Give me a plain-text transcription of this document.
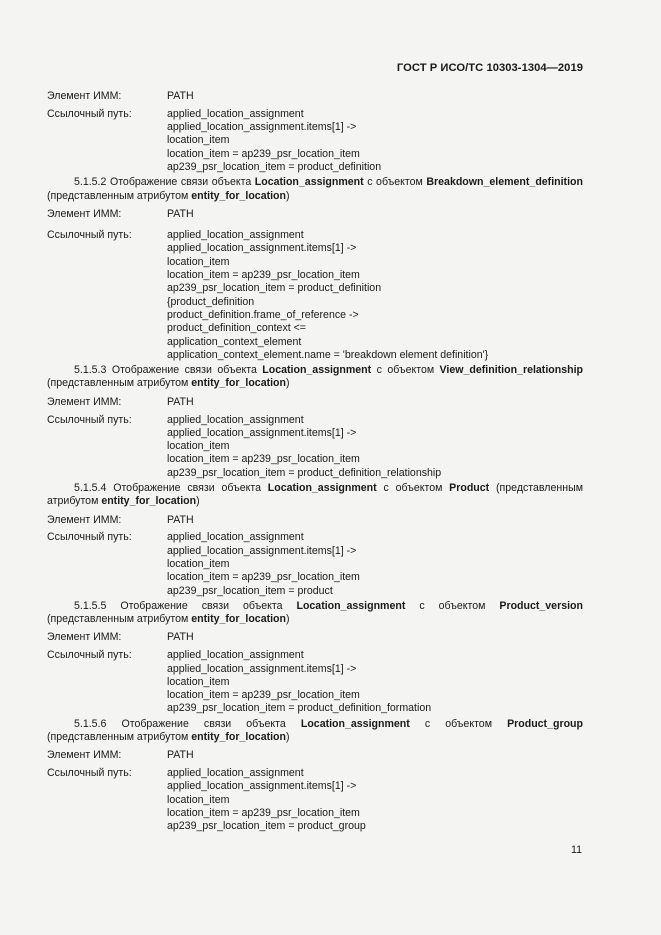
ГОСТ Р ИСО/ТС 10303-1304—2019
Элемент ИММ:	PATH
Ссылочный путь:	applied_location_assignment
applied_location_assignment.items[1] ->
location_item
location_item = ap239_psr_location_item
ap239_psr_location_item = product_definition

5.1.5.2 Отображение связи объекта Location_assignment с объектом Breakdown_element_definition (представленным атрибутом entity_for_location)

Элемент ИММ:	PATH
Ссылочный путь:	applied_location_assignment
applied_location_assignment.items[1] ->
location_item
location_item = ap239_psr_location_item
ap239_psr_location_item = product_definition
{product_definition
product_definition.frame_of_reference ->
product_definition_context <=
application_context_element
application_context_element.name = 'breakdown element definition'}

5.1.5.3 Отображение связи объекта Location_assignment с объектом View_definition_relationship (представленным атрибутом entity_for_location)

Элемент ИММ:	PATH
Ссылочный путь:	applied_location_assignment
applied_location_assignment.items[1] ->
location_item
location_item = ap239_psr_location_item
ap239_psr_location_item = product_definition_relationship

5.1.5.4 Отображение связи объекта Location_assignment с объектом Product (представленным атрибутом entity_for_location)

Элемент ИММ:	PATH
Ссылочный путь:	applied_location_assignment
applied_location_assignment.items[1] ->
location_item
location_item = ap239_psr_location_item
ap239_psr_location_item = product

5.1.5.5 Отображение связи объекта Location_assignment с объектом Product_version (представленным атрибутом entity_for_location)

Элемент ИММ:	PATH
Ссылочный путь:	applied_location_assignment
applied_location_assignment.items[1] ->
location_item
location_item = ap239_psr_location_item
ap239_psr_location_item = product_definition_formation

5.1.5.6 Отображение связи объекта Location_assignment с объектом Product_group (представленным атрибутом entity_for_location)

Элемент ИММ:	PATH
Ссылочный путь:	applied_location_assignment
applied_location_assignment.items[1] ->
location_item
location_item = ap239_psr_location_item
ap239_psr_location_item = product_group
11
